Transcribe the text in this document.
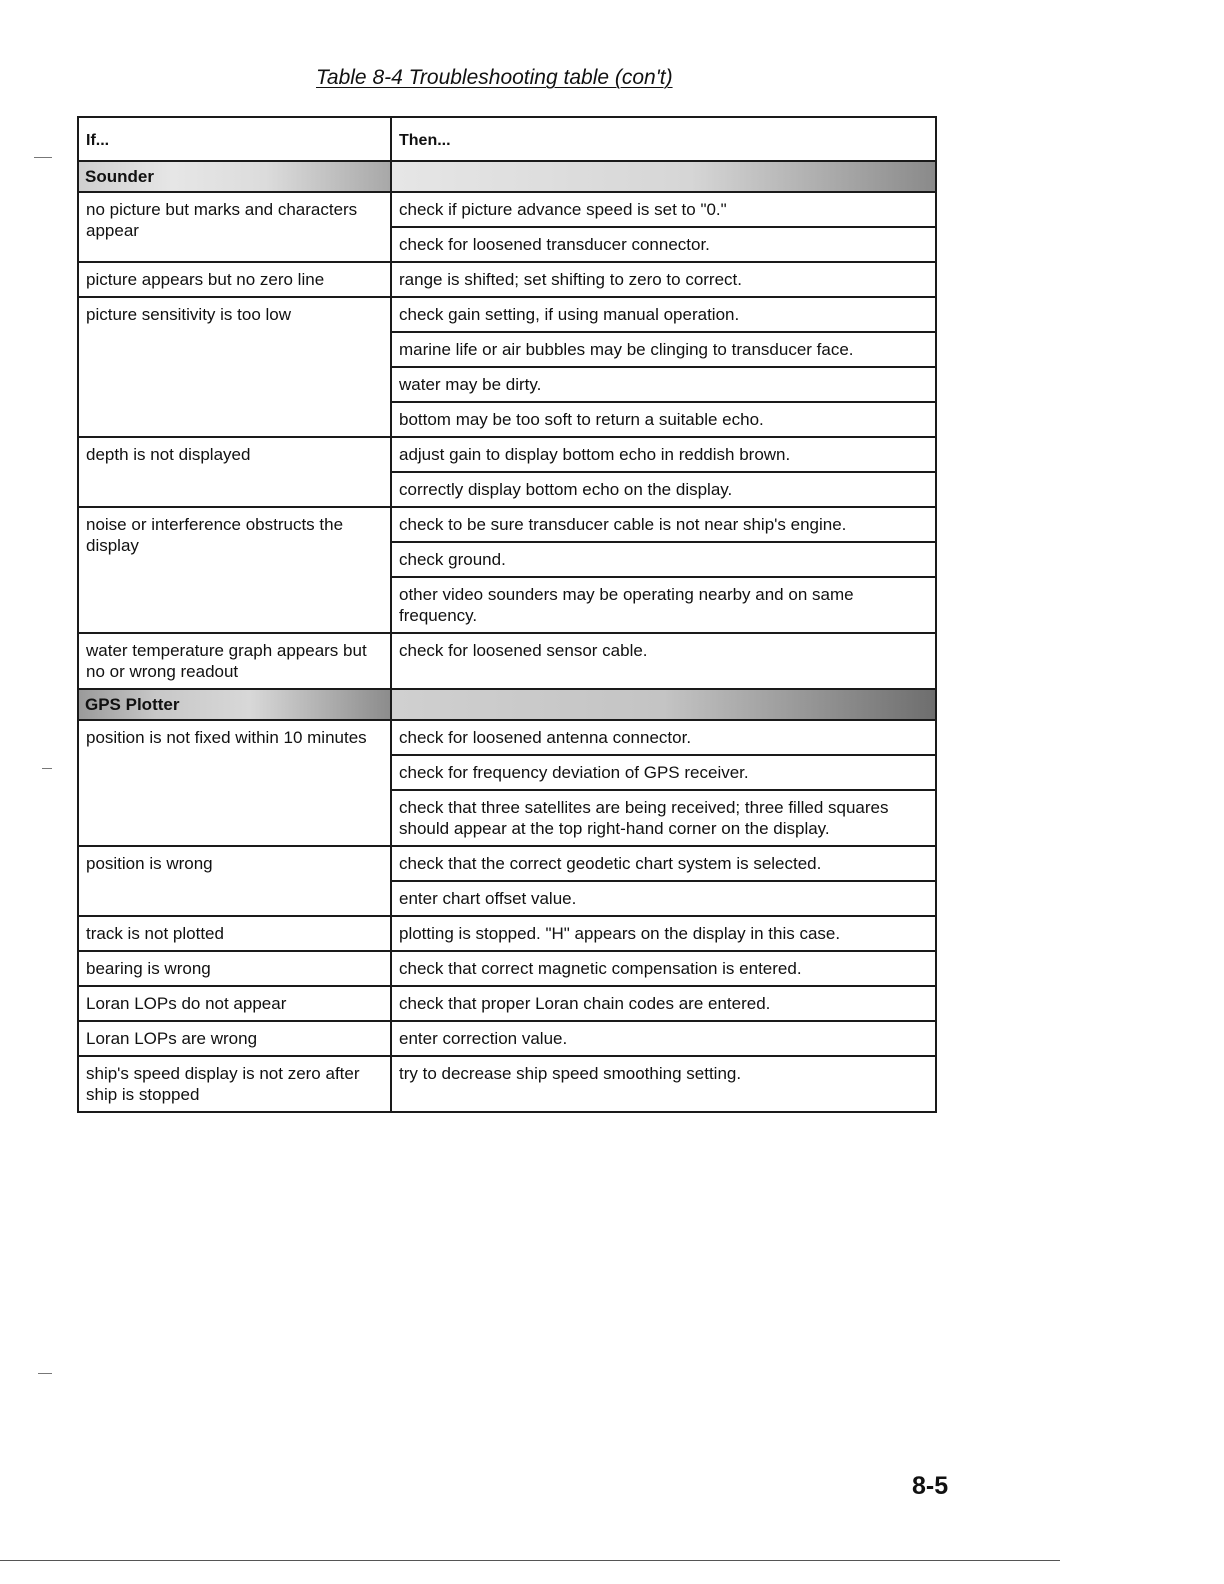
Table 8-4 Troubleshooting table (con't)
If...	Then...
Sounder	
no picture but marks and characters appear	check if picture advance speed is set to "0."
	check for loosened transducer connector.
picture appears but no zero line	range is shifted; set shifting to zero to correct.
picture sensitivity is too low	check gain setting, if using manual operation.
	marine life or air bubbles may be clinging to transducer face.
	water may be dirty.
	bottom may be too soft to return a suitable echo.
depth is not displayed	adjust gain to display bottom echo in reddish brown.
	correctly display bottom echo on the display.
noise or interference obstructs the display	check to be sure transducer cable is not near ship's engine.
	check ground.
	other video sounders may be operating nearby and on same frequency.
water temperature graph appears but no or wrong readout	check for loosened sensor cable.
GPS Plotter	
position is not fixed within 10 minutes	check for loosened antenna connector.
	check for frequency deviation of GPS receiver.
	check that three satellites are being received; three filled squares should appear at the top right-hand corner on the display.
position is wrong	check that the correct geodetic chart system is selected.
	enter chart offset value.
track is not plotted	plotting is stopped. "H" appears on the display in this case.
bearing is wrong	check that correct magnetic compensation is entered.
Loran LOPs do not appear	check that proper Loran chain codes are entered.
Loran LOPs are wrong	enter correction value.
ship's speed display is not zero after ship is stopped	try to decrease ship speed smoothing setting.
8-5
